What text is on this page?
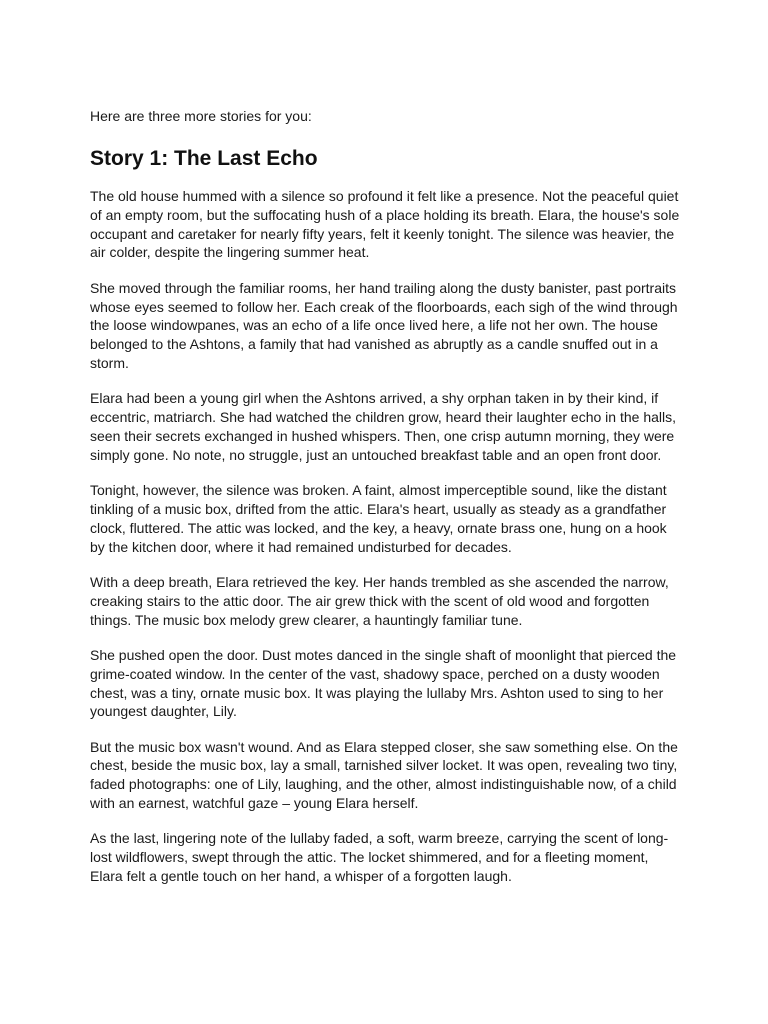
Here are three more stories for you:

Story 1: The Last Echo

The old house hummed with a silence so profound it felt like a presence. Not the peaceful quiet of an empty room, but the suffocating hush of a place holding its breath. Elara, the house's sole occupant and caretaker for nearly fifty years, felt it keenly tonight. The silence was heavier, the air colder, despite the lingering summer heat.

She moved through the familiar rooms, her hand trailing along the dusty banister, past portraits whose eyes seemed to follow her. Each creak of the floorboards, each sigh of the wind through the loose windowpanes, was an echo of a life once lived here, a life not her own. The house belonged to the Ashtons, a family that had vanished as abruptly as a candle snuffed out in a storm.

Elara had been a young girl when the Ashtons arrived, a shy orphan taken in by their kind, if eccentric, matriarch. She had watched the children grow, heard their laughter echo in the halls, seen their secrets exchanged in hushed whispers. Then, one crisp autumn morning, they were simply gone. No note, no struggle, just an untouched breakfast table and an open front door.

Tonight, however, the silence was broken. A faint, almost imperceptible sound, like the distant tinkling of a music box, drifted from the attic. Elara's heart, usually as steady as a grandfather clock, fluttered. The attic was locked, and the key, a heavy, ornate brass one, hung on a hook by the kitchen door, where it had remained undisturbed for decades.

With a deep breath, Elara retrieved the key. Her hands trembled as she ascended the narrow, creaking stairs to the attic door. The air grew thick with the scent of old wood and forgotten things. The music box melody grew clearer, a hauntingly familiar tune.

She pushed open the door. Dust motes danced in the single shaft of moonlight that pierced the grime-coated window. In the center of the vast, shadowy space, perched on a dusty wooden chest, was a tiny, ornate music box. It was playing the lullaby Mrs. Ashton used to sing to her youngest daughter, Lily.

But the music box wasn't wound. And as Elara stepped closer, she saw something else. On the chest, beside the music box, lay a small, tarnished silver locket. It was open, revealing two tiny, faded photographs: one of Lily, laughing, and the other, almost indistinguishable now, of a child with an earnest, watchful gaze – young Elara herself.

As the last, lingering note of the lullaby faded, a soft, warm breeze, carrying the scent of long-lost wildflowers, swept through the attic. The locket shimmered, and for a fleeting moment, Elara felt a gentle touch on her hand, a whisper of a forgotten laugh.
